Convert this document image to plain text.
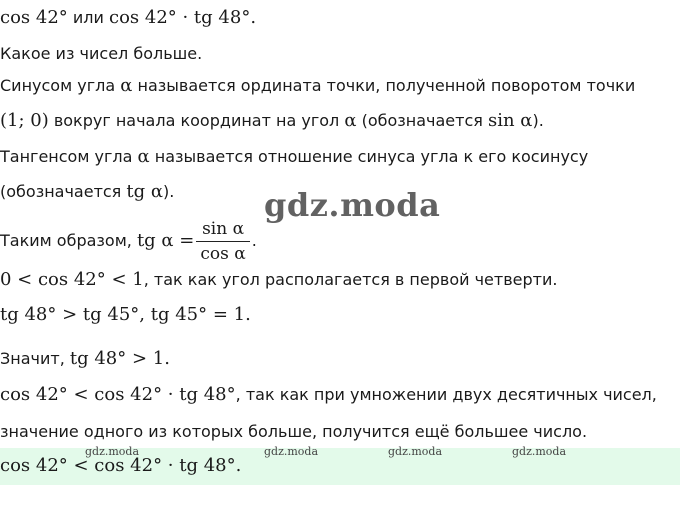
cos 42° или cos 42° · tg 48°.
Какое из чисел больше.
Синусом угла α называется ордината точки, полученной поворотом точки
(1; 0) вокруг начала координат на угол α (обозначается sin α).
Тангенсом угла α называется отношение синуса угла к его косинусу
(обозначается tg α).	gdz.moda
Таким образом, tg $\alpha = \frac{\text{sin α}}{\text{cos α}}$ .
0 < cos 42° < 1, так как угол располагается в первой четверти.
tg 48° > tg 45°, tg 45° = 1.
Значит, tg 48° > 1.
cos 42° < cos 42° · tg 48°, так как при умножении двух десятичных чисел,
значение одного из которых больше, получится ещё большее число.
cos 42° < cos 42° · tg 48°.
gdz.moda	gdz.moda	gdz.moda	gdz.moda
